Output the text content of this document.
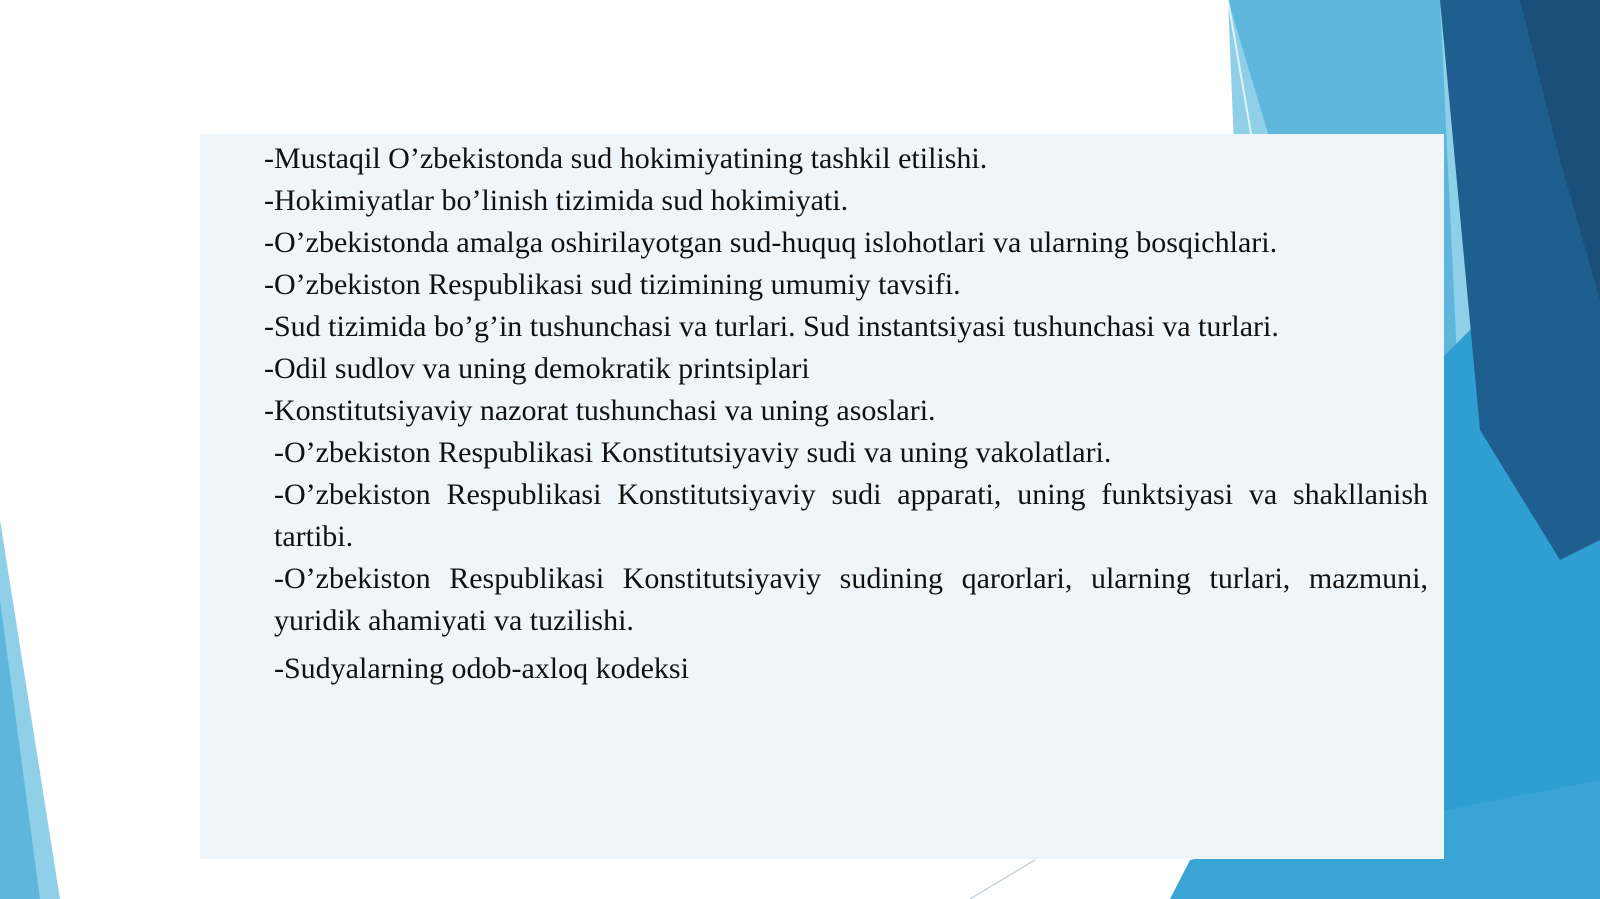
-Mustaqil O’zbekistonda sud hokimiyatining tashkil etilishi.
-Hokimiyatlar bo’linish tizimida sud hokimiyati.
-O’zbekistonda amalga oshirilayotgan sud-huquq islohotlari va ularning bosqichlari.
-O’zbekiston Respublikasi sud tizimining umumiy tavsifi.
-Sud tizimida bo’g’in tushunchasi va turlari. Sud instantsiyasi tushunchasi va turlari.
-Odil sudlov va uning demokratik printsiplari
-Konstitutsiyaviy nazorat tushunchasi va uning asoslari.
-O’zbekiston Respublikasi Konstitutsiyaviy sudi va uning vakolatlari.
-O’zbekiston Respublikasi Konstitutsiyaviy sudi apparati, uning funktsiyasi va shakllanish tartibi.
-O’zbekiston Respublikasi Konstitutsiyaviy sudining qarorlari, ularning turlari, mazmuni, yuridik ahamiyati va tuzilishi.
-Sudyalarning odob-axloq kodeksi
